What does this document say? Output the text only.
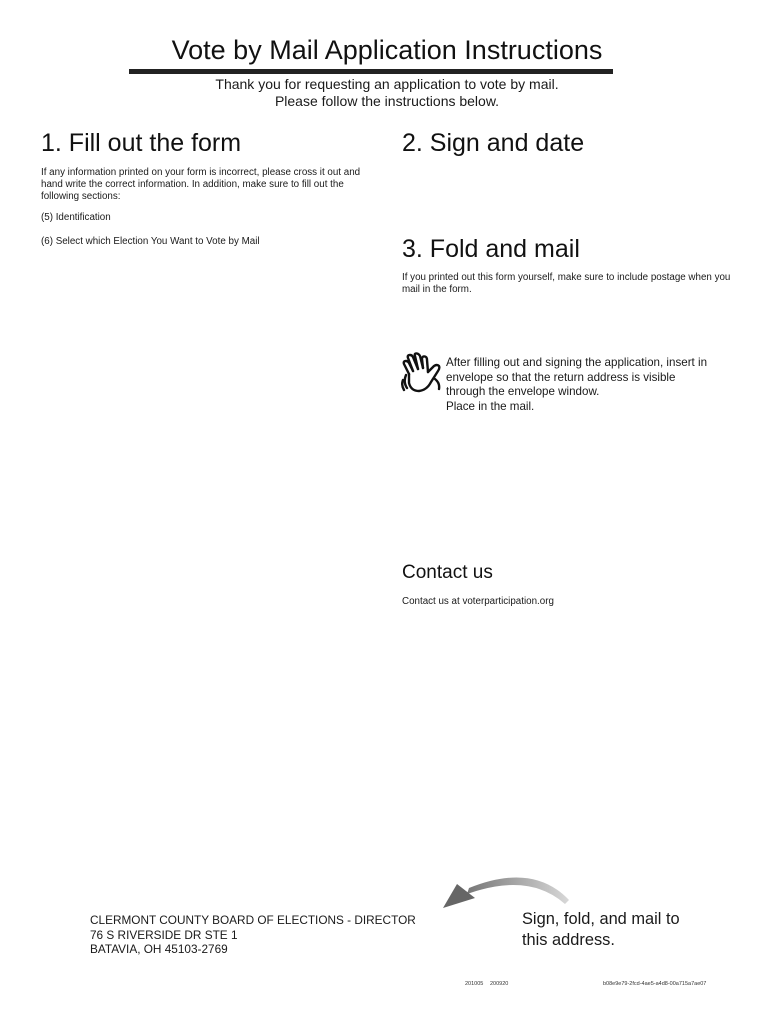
Vote by Mail Application Instructions
Thank you for requesting an application to vote by mail.
Please follow the instructions below.
1. Fill out the form
If any information printed on your form is incorrect, please cross it out and hand write the correct information. In addition, make sure to fill out the following sections:
(5) Identification
(6) Select which Election You Want to Vote by Mail
2. Sign and date
3. Fold and mail
If you printed out this form yourself, make sure to include postage when you mail in the form.
After filling out and signing the application, insert in
envelope so that the return address is visible
through the envelope window.
Place in the mail.
Contact us
Contact us at voterparticipation.org
CLERMONT COUNTY BOARD OF ELECTIONS - DIRECTOR
76 S RIVERSIDE DR STE 1
BATAVIA, OH 45103-2769
Sign, fold, and mail to
this address.
201005 200920	b08e9e79-2fcd-4ae5-a4d8-00a715a7ae07
